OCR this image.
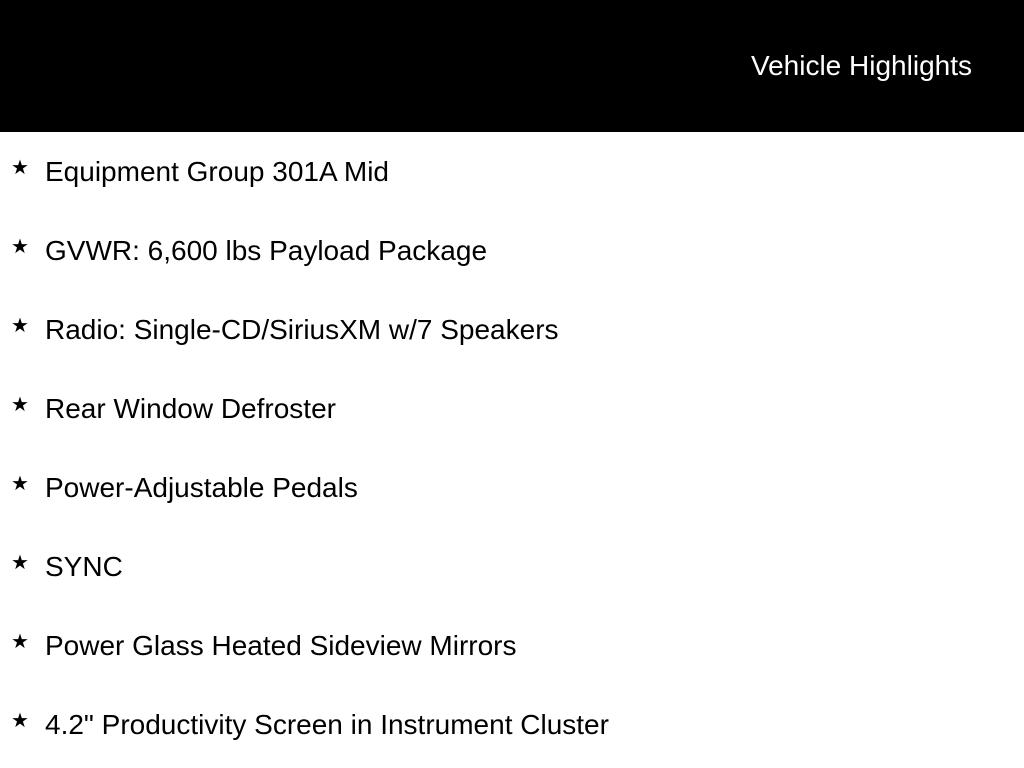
Vehicle Highlights
★ Equipment Group 301A Mid
★ GVWR: 6,600 lbs Payload Package
★ Radio: Single-CD/SiriusXM w/7 Speakers
★ Rear Window Defroster
★ Power-Adjustable Pedals
★ SYNC
★ Power Glass Heated Sideview Mirrors
★ 4.2" Productivity Screen in Instrument Cluster
